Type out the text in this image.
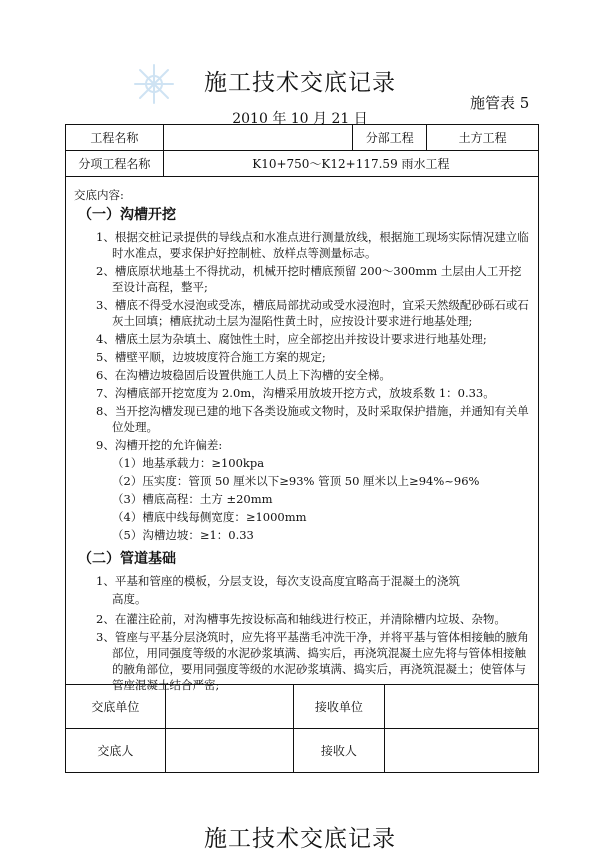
施工技术交底记录
施管表 5
2010 年 10 月 21 日
工程名称		分部工程	土方工程
分项工程名称	K10+750～K12+117.59 雨水工程		
交底内容:
（一）沟槽开挖
1、根据交桩记录提供的导线点和水准点进行测量放线，根据施工现场实际情况建立临时水准点，要求保护好控制桩、放样点等测量标志。
2、槽底原状地基土不得扰动，机械开挖时槽底预留 200～300mm 土层由人工开挖至设计高程，整平;
3、槽底不得受水浸泡或受冻，槽底局部扰动或受水浸泡时，宜采天然级配砂砾石或石灰土回填；槽底扰动土层为湿陷性黄土时，应按设计要求进行地基处理;
4、槽底土层为杂填土、腐蚀性土时，应全部挖出并按设计要求进行地基处理;
5、槽壁平顺，边坡坡度符合施工方案的规定;
6、在沟槽边坡稳固后设置供施工人员上下沟槽的安全梯。
7、沟槽底部开挖宽度为 2.0m，沟槽采用放坡开挖方式，放坡系数 1：0.33。
8、当开挖沟槽发现已建的地下各类设施或文物时，及时采取保护措施，并通知有关单位处理。
9、沟槽开挖的允许偏差:
（1）地基承载力：≥100kpa
（2）压实度：管顶 50 厘米以下≥93% 管顶 50 厘米以上≥94%~96%
（3）槽底高程：土方 ±20mm
（4）槽底中线每侧宽度：≥1000mm
（5）沟槽边坡：≥1：0.33
（二）管道基础
1、平基和管座的模板，分层支设，每次支设高度宜略高于混凝土的浇筑
高度。
2、在灌注砼前，对沟槽事先按设标高和轴线进行校正，并清除槽内垃圾、杂物。
3、管座与平基分层浇筑时，应先将平基凿毛冲洗干净，并将平基与管体相接触的腋角部位，用同强度等级的水泥砂浆填满、捣实后，再浇筑混凝土应先将与管体相接触的腋角部位，要用同强度等级的水泥砂浆填满、捣实后，再浇筑混凝土；使管体与管座混凝土结合严密;
交底单位		接收单位	
交底人		接收人	
施工技术交底记录
